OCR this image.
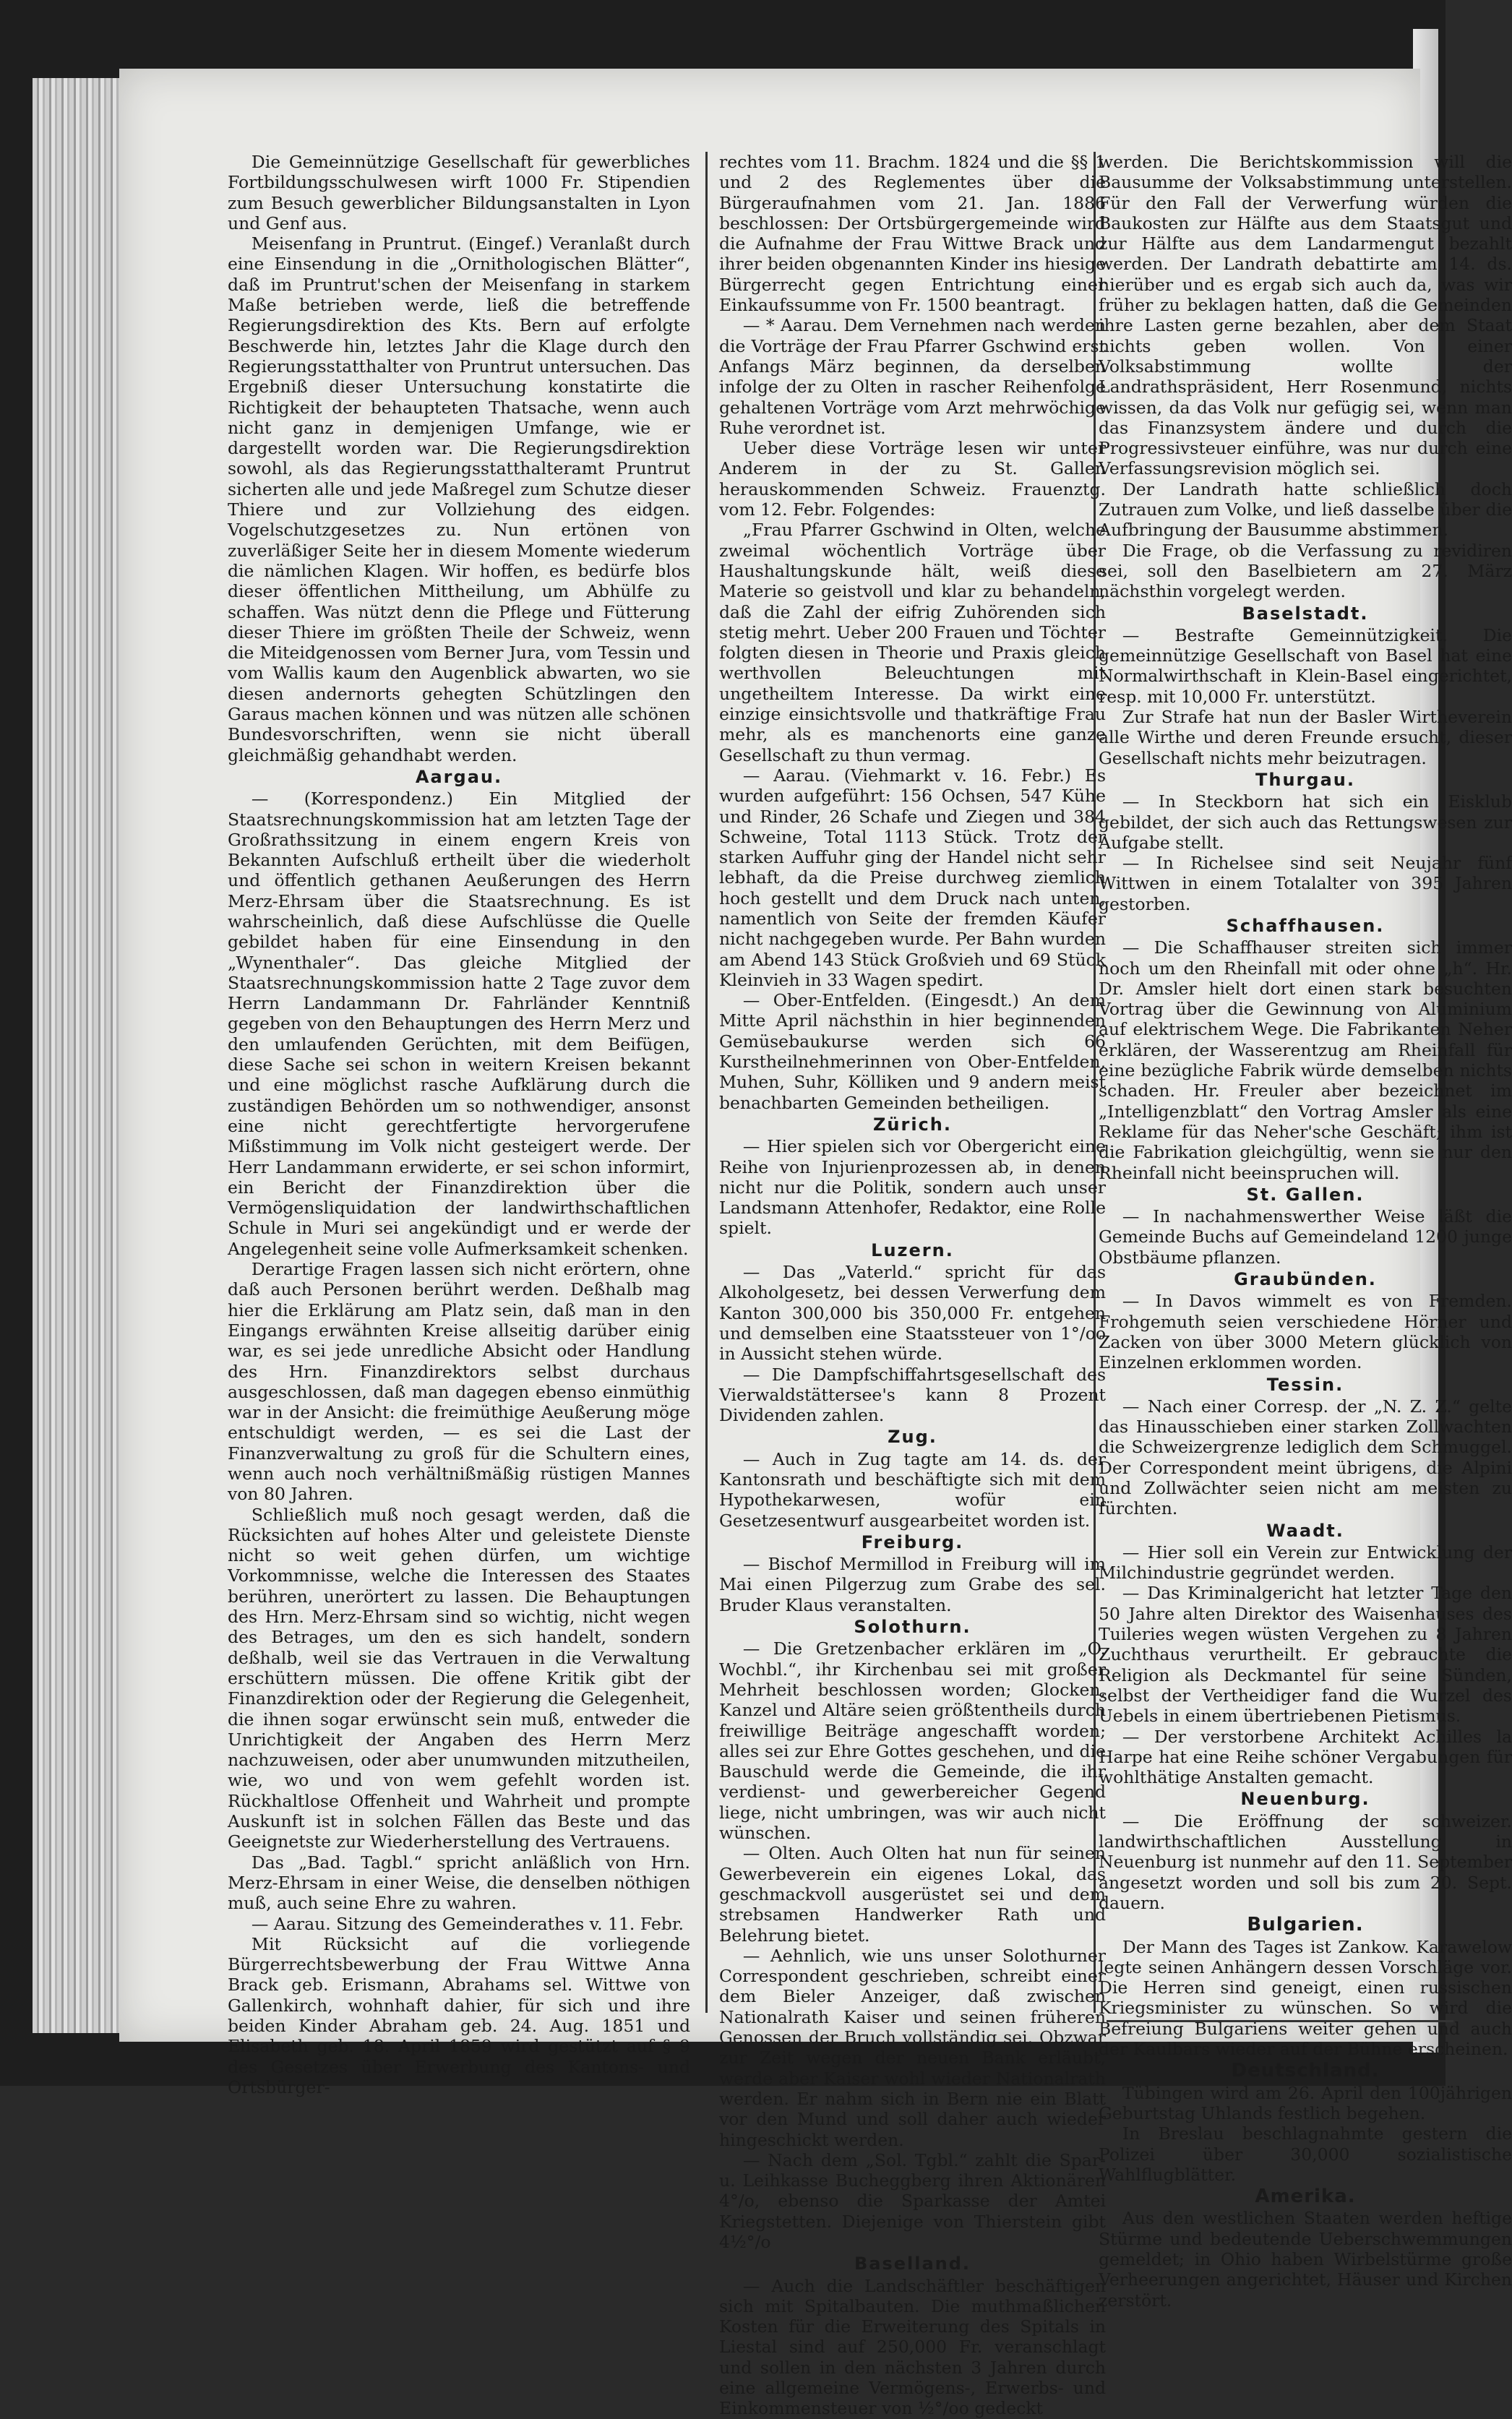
Die Gemeinnützige Gesellschaft für gewerbliches Fortbildungsschulwesen wirft 1000 Fr. Stipendien zum Besuch gewerblicher Bildungsanstalten in Lyon und Genf aus.

Meisenfang in Pruntrut. (Eingef.) Veranlaßt durch eine Einsendung in die „Ornithologischen Blätter“, daß im Pruntrut'schen der Meisenfang in starkem Maße betrieben werde, ließ die betreffende Regierungsdirektion des Kts. Bern auf erfolgte Beschwerde hin, letztes Jahr die Klage durch den Regierungsstatthalter von Pruntrut untersuchen. Das Ergebniß dieser Untersuchung konstatirte die Richtigkeit der behaupteten Thatsache, wenn auch nicht ganz in demjenigen Umfange, wie er dargestellt worden war. Die Regierungsdirektion sowohl, als das Regierungsstatthalteramt Pruntrut sicherten alle und jede Maßregel zum Schutze dieser Thiere und zur Vollziehung des eidgen. Vogelschutzgesetzes zu. Nun ertönen von zuverläßiger Seite her in diesem Momente wiederum die nämlichen Klagen. Wir hoffen, es bedürfe blos dieser öffentlichen Mittheilung, um Abhülfe zu schaffen. Was nützt denn die Pflege und Fütterung dieser Thiere im größten Theile der Schweiz, wenn die Miteidgenossen vom Berner Jura, vom Tessin und vom Wallis kaum den Augenblick abwarten, wo sie diesen andernorts gehegten Schützlingen den Garaus machen können und was nützen alle schönen Bundesvorschriften, wenn sie nicht überall gleichmäßig gehandhabt werden.

Aargau.

— (Korrespondenz.) Ein Mitglied der Staatsrechnungskommission hat am letzten Tage der Großrathssitzung in einem engern Kreis von Bekannten Aufschluß ertheilt über die wiederholt und öffentlich gethanen Aeußerungen des Herrn Merz-Ehrsam über die Staatsrechnung. Es ist wahrscheinlich, daß diese Aufschlüsse die Quelle gebildet haben für eine Einsendung in den „Wynenthaler“. Das gleiche Mitglied der Staatsrechnungskommission hatte 2 Tage zuvor dem Herrn Landammann Dr. Fahrländer Kenntniß gegeben von den Behauptungen des Herrn Merz und den umlaufenden Gerüchten, mit dem Beifügen, diese Sache sei schon in weitern Kreisen bekannt und eine möglichst rasche Aufklärung durch die zuständigen Behörden um so nothwendiger, ansonst eine nicht gerechtfertigte hervorgerufene Mißstimmung im Volk nicht gesteigert werde. Der Herr Landammann erwiderte, er sei schon informirt, ein Bericht der Finanzdirektion über die Vermögensliquidation der landwirthschaftlichen Schule in Muri sei angekündigt und er werde der Angelegenheit seine volle Aufmerksamkeit schenken.

Derartige Fragen lassen sich nicht erörtern, ohne daß auch Personen berührt werden. Deßhalb mag hier die Erklärung am Platz sein, daß man in den Eingangs erwähnten Kreise allseitig darüber einig war, es sei jede unredliche Absicht oder Handlung des Hrn. Finanzdirektors selbst durchaus ausgeschlossen, daß man dagegen ebenso einmüthig war in der Ansicht: die freimüthige Aeußerung möge entschuldigt werden, — es sei die Last der Finanzverwaltung zu groß für die Schultern eines, wenn auch noch verhältnißmäßig rüstigen Mannes von 80 Jahren.

Schließlich muß noch gesagt werden, daß die Rücksichten auf hohes Alter und geleistete Dienste nicht so weit gehen dürfen, um wichtige Vorkommnisse, welche die Interessen des Staates berühren, unerörtert zu lassen. Die Behauptungen des Hrn. Merz-Ehrsam sind so wichtig, nicht wegen des Betrages, um den es sich handelt, sondern deßhalb, weil sie das Vertrauen in die Verwaltung erschüttern müssen. Die offene Kritik gibt der Finanzdirektion oder der Regierung die Gelegenheit, die ihnen sogar erwünscht sein muß, entweder die Unrichtigkeit der Angaben des Herrn Merz nachzuweisen, oder aber unumwunden mitzutheilen, wie, wo und von wem gefehlt worden ist. Rückhaltlose Offenheit und Wahrheit und prompte Auskunft ist in solchen Fällen das Beste und das Geeignetste zur Wiederherstellung des Vertrauens.

Das „Bad. Tagbl.“ spricht anläßlich von Hrn. Merz-Ehrsam in einer Weise, die denselben nöthigen muß, auch seine Ehre zu wahren.

— Aarau. Sitzung des Gemeinderathes v. 11. Febr.

Mit Rücksicht auf die vorliegende Bürgerrechtsbewerbung der Frau Wittwe Anna Brack geb. Erismann, Abrahams sel. Wittwe von Gallenkirch, wohnhaft dahier, für sich und ihre beiden Kinder Abraham geb. 24. Aug. 1851 und Elisabeth geb. 18. April 1859 wird gestützt auf § 9 des Gesetzes über Erwerbung des Kantons- und Ortsbürger-

rechtes vom 11. Brachm. 1824 und die §§ 1 und 2 des Reglementes über die Bürgeraufnahmen vom 21. Jan. 1886 beschlossen: Der Ortsbürgergemeinde wird die Aufnahme der Frau Wittwe Brack und ihrer beiden obgenannten Kinder ins hiesige Bürgerrecht gegen Entrichtung einer Einkaufssumme von Fr. 1500 beantragt.

— * Aarau. Dem Vernehmen nach werden die Vorträge der Frau Pfarrer Gschwind erst Anfangs März beginnen, da derselben infolge der zu Olten in rascher Reihenfolge gehaltenen Vorträge vom Arzt mehrwöchige Ruhe verordnet ist.

Ueber diese Vorträge lesen wir unter Anderem in der zu St. Gallen herauskommenden Schweiz. Frauenztg. vom 12. Febr. Folgendes:

„Frau Pfarrer Gschwind in Olten, welche zweimal wöchentlich Vorträge über Haushaltungskunde hält, weiß diese Materie so geistvoll und klar zu behandeln, daß die Zahl der eifrig Zuhörenden sich stetig mehrt. Ueber 200 Frauen und Töchter folgten diesen in Theorie und Praxis gleich werthvollen Beleuchtungen mit ungetheiltem Interesse. Da wirkt eine einzige einsichtsvolle und thatkräftige Frau mehr, als es manchenorts eine ganze Gesellschaft zu thun vermag.

— Aarau. (Viehmarkt v. 16. Febr.) Es wurden aufgeführt: 156 Ochsen, 547 Kühe und Rinder, 26 Schafe und Ziegen und 384 Schweine, Total 1113 Stück. Trotz der starken Auffuhr ging der Handel nicht sehr lebhaft, da die Preise durchweg ziemlich hoch gestellt und dem Druck nach unten, namentlich von Seite der fremden Käufer nicht nachgegeben wurde. Per Bahn wurden am Abend 143 Stück Großvieh und 69 Stück Kleinvieh in 33 Wagen spedirt.

— Ober-Entfelden. (Eingesdt.) An dem Mitte April nächsthin in hier beginnenden Gemüsebaukurse werden sich 66 Kurstheilnehmerinnen von Ober-Entfelden, Muhen, Suhr, Kölliken und 9 andern meist benachbarten Gemeinden betheiligen.

Zürich.

— Hier spielen sich vor Obergericht eine Reihe von Injurienprozessen ab, in denen nicht nur die Politik, sondern auch unser Landsmann Attenhofer, Redaktor, eine Rolle spielt.

Luzern.

— Das „Vaterld.“ spricht für das Alkoholgesetz, bei dessen Verwerfung dem Kanton 300,000 bis 350,000 Fr. entgehen und demselben eine Staatssteuer von 1°/oo in Aussicht stehen würde.

— Die Dampfschiffahrtsgesellschaft des Vierwaldstättersee's kann 8 Prozent Dividenden zahlen.

Zug.

— Auch in Zug tagte am 14. ds. der Kantonsrath und beschäftigte sich mit dem Hypothekarwesen, wofür ein Gesetzesentwurf ausgearbeitet worden ist.

Freiburg.

— Bischof Mermillod in Freiburg will im Mai einen Pilgerzug zum Grabe des sel. Bruder Klaus veranstalten.

Solothurn.

— Die Gretzenbacher erklären im „O. Wochbl.“, ihr Kirchenbau sei mit großer Mehrheit beschlossen worden; Glocken, Kanzel und Altäre seien größtentheils durch freiwillige Beiträge angeschafft worden; alles sei zur Ehre Gottes geschehen, und die Bauschuld werde die Gemeinde, die ihr verdienst- und gewerbereicher Gegend liege, nicht umbringen, was wir auch nicht wünschen.

— Olten. Auch Olten hat nun für seinen Gewerbeverein ein eigenes Lokal, das geschmackvoll ausgerüstet sei und dem strebsamen Handwerker Rath und Belehrung bietet.

— Aehnlich, wie uns unser Solothurner Correspondent geschrieben, schreibt einer dem Bieler Anzeiger, daß zwischen Nationalrath Kaiser und seinen früheren Genossen der Bruch vollständig sei. Obzwar zur Zeit wegen der neuen Bank erläubt, werde aber Kaiser wohl wieder Nationalrath werden. Er nahm sich in Bern nie ein Blatt vor den Mund und soll daher auch wieder hingeschickt werden.

— Nach dem „Sol. Tgbl.“ zahlt die Spar- u. Leihkasse Bucheggberg ihren Aktionären 4°/o, ebenso die Sparkasse der Amtei Kriegstetten. Diejenige von Thierstein gibt 4½°/o

Baselland.

— Auch die Landschäftler beschäftigen sich mit Spitalbauten. Die muthmaßlichen Kosten für die Erweiterung des Spitals in Liestal sind auf 250,000 Fr. veranschlagt und sollen in den nächsten 3 Jahren durch eine allgemeine Vermögens-, Erwerbs- und Einkommensteuer von ½°/oo gedeckt

werden. Die Berichtskommission will die Bausumme der Volksabstimmung unterstellen. Für den Fall der Verwerfung würden die Baukosten zur Hälfte aus dem Staatsgut und zur Hälfte aus dem Landarmengut bezahlt werden. Der Landrath debattirte am 14. ds. hierüber und es ergab sich auch da, was wir früher zu beklagen hatten, daß die Gemeinden ihre Lasten gerne bezahlen, aber dem Staat nichts geben wollen. Von einer Volksabstimmung wollte der Landrathspräsident, Herr Rosenmund, nichts wissen, da das Volk nur gefügig sei, wenn man das Finanzsystem ändere und durch die Progressivsteuer einführe, was nur durch eine Verfassungsrevision möglich sei.

Der Landrath hatte schließlich doch Zutrauen zum Volke, und ließ dasselbe über die Aufbringung der Bausumme abstimmen.

Die Frage, ob die Verfassung zu revidiren sei, soll den Baselbietern am 27. März nächsthin vorgelegt werden.

Baselstadt.

— Bestrafte Gemeinnützigkeit. Die gemeinnützige Gesellschaft von Basel hat eine Normalwirthschaft in Klein-Basel eingerichtet, resp. mit 10,000 Fr. unterstützt.

Zur Strafe hat nun der Basler Wirtheverein alle Wirthe und deren Freunde ersucht, dieser Gesellschaft nichts mehr beizutragen.

Thurgau.

— In Steckborn hat sich ein Eisklub gebildet, der sich auch das Rettungswesen zur Aufgabe stellt.

— In Richelsee sind seit Neujahr fünf Wittwen in einem Totalalter von 395 Jahren gestorben.

Schaffhausen.

— Die Schaffhauser streiten sich immer noch um den Rheinfall mit oder ohne „h“. Hr. Dr. Amsler hielt dort einen stark besuchten Vortrag über die Gewinnung von Aluminium auf elektrischem Wege. Die Fabrikanten Neher erklären, der Wasserentzug am Rheinfall für eine bezügliche Fabrik würde demselben nichts schaden. Hr. Freuler aber bezeichnet im „Intelligenzblatt“ den Vortrag Amsler als eine Reklame für das Neher'sche Geschäft; ihm ist die Fabrikation gleichgültig, wenn sie nur den Rheinfall nicht beeinspruchen will.

St. Gallen.

— In nachahmenswerther Weise läßt die Gemeinde Buchs auf Gemeindeland 1200 junge Obstbäume pflanzen.

Graubünden.

— In Davos wimmelt es von Fremden. Frohgemuth seien verschiedene Hörner und Zacken von über 3000 Metern glücklich von Einzelnen erklommen worden.

Tessin.

— Nach einer Corresp. der „N. Z. Z.“ gelte das Hinausschieben einer starken Zollwachten die Schweizergrenze lediglich dem Schmuggel. Der Correspondent meint übrigens, die Alpini und Zollwächter seien nicht am meisten zu fürchten.

Waadt.

— Hier soll ein Verein zur Entwicklung der Milchindustrie gegründet werden.

— Das Kriminalgericht hat letzter Tage den 50 Jahre alten Direktor des Waisenhauses des Tuileries wegen wüsten Vergehen zu 8 Jahren Zuchthaus verurtheilt. Er gebrauchte die Religion als Deckmantel für seine Sünden, selbst der Vertheidiger fand die Wurzel des Uebels in einem übertriebenen Pietismus.

— Der verstorbene Architekt Achilles la Harpe hat eine Reihe schöner Vergabungen für wohlthätige Anstalten gemacht.

Neuenburg.

— Die Eröffnung der schweizer. landwirthschaftlichen Ausstellung in Neuenburg ist nunmehr auf den 11. September angesetzt worden und soll bis zum 20. Sept. dauern.

Bulgarien.

Der Mann des Tages ist Zankow. Karawelow legte seinen Anhängern dessen Vorschläge vor. Die Herren sind geneigt, einen russischen Kriegsminister zu wünschen. So wird die Befreiung Bulgariens weiter gehen und auch der Kaulbars wieder auf der Bühne erscheinen.

Deutschland.

Tübingen wird am 26. April den 100jährigen Geburtstag Uhlands festlich begehen.

In Breslau beschlagnahmte gestern die Polizei über 30,000 sozialistische Wahlflugblätter.

Amerika.

Aus den westlichen Staaten werden heftige Stürme und bedeutende Ueberschwemmungen gemeldet; in Ohio haben Wirbelstürme große Verheerungen angerichtet, Häuser und Kirchen zerstört.
